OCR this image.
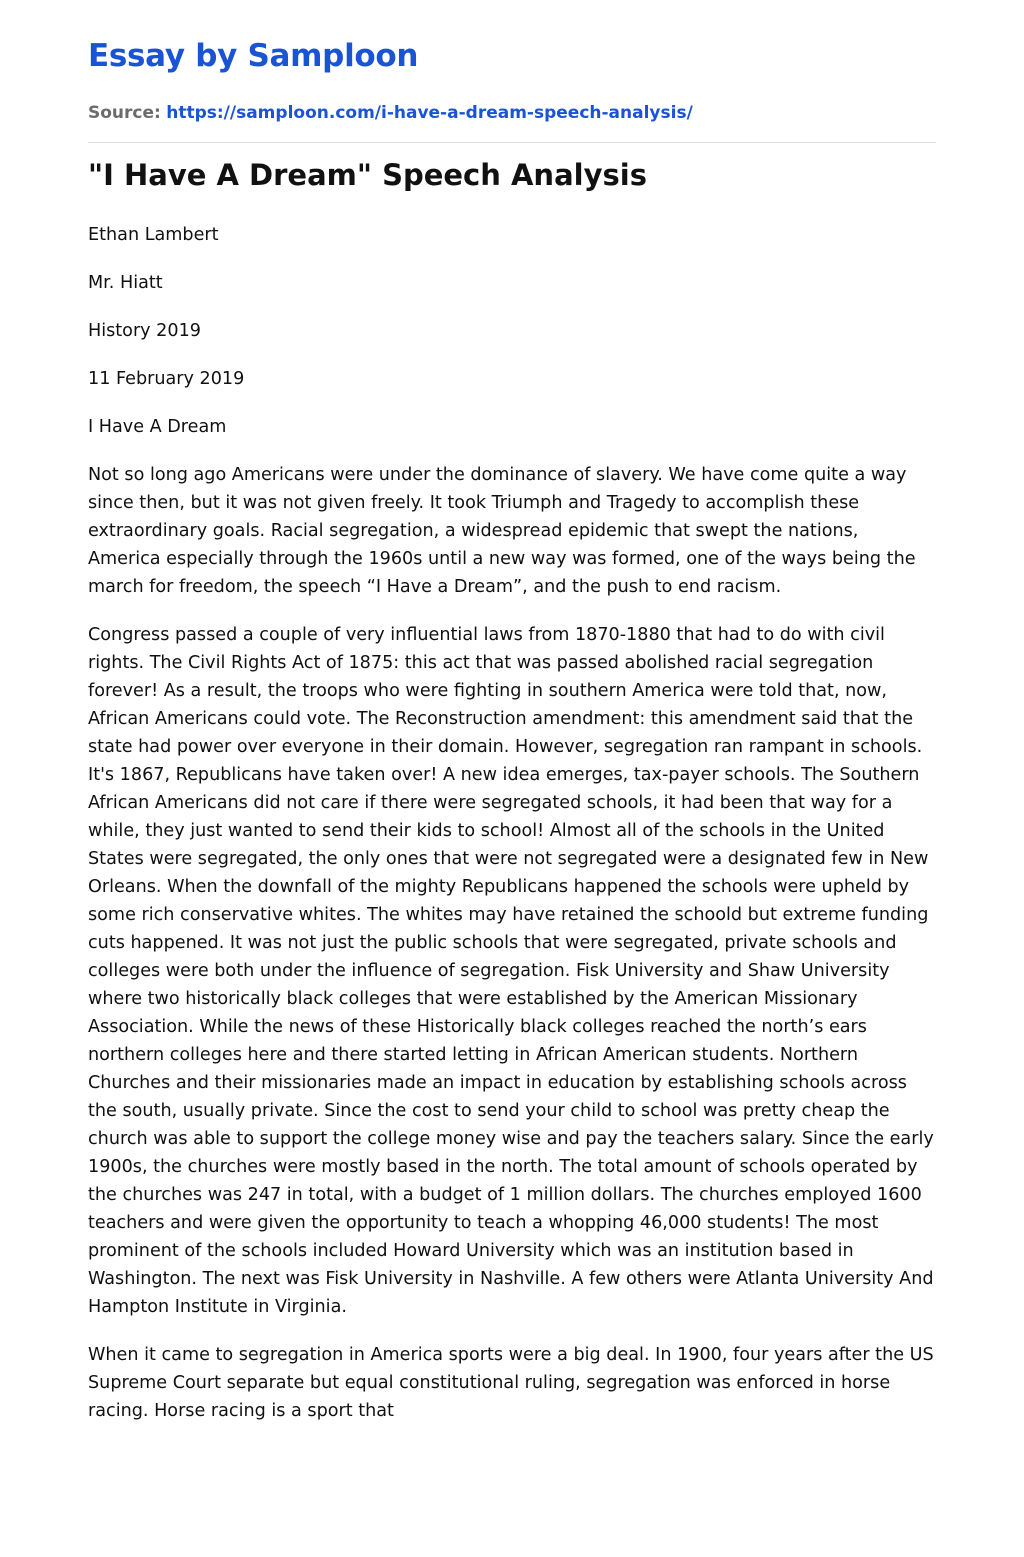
Essay by Samploon
Source: https://samploon.com/i-have-a-dream-speech-analysis/
"I Have A Dream" Speech Analysis

Ethan Lambert

Mr. Hiatt

History 2019

11 February 2019

I Have A Dream

Not so long ago Americans were under the dominance of slavery. We have come quite a way since then, but it was not given freely. It took Triumph and Tragedy to accomplish these extraordinary goals. Racial segregation, a widespread epidemic that swept the nations, America especially through the 1960s until a new way was formed, one of the ways being the march for freedom, the speech “I Have a Dream”, and the push to end racism.

Congress passed a couple of very influential laws from 1870-1880 that had to do with civil rights. The Civil Rights Act of 1875: this act that was passed abolished racial segregation forever! As a result, the troops who were fighting in southern America were told that, now, African Americans could vote. The Reconstruction amendment: this amendment said that the state had power over everyone in their domain. However, segregation ran rampant in schools. It's 1867, Republicans have taken over! A new idea emerges, tax-payer schools. The Southern African Americans did not care if there were segregated schools, it had been that way for a while, they just wanted to send their kids to school! Almost all of the schools in the United States were segregated, the only ones that were not segregated were a designated few in New Orleans. When the downfall of the mighty Republicans happened the schools were upheld by some rich conservative whites. The whites may have retained the schoold but extreme funding cuts happened. It was not just the public schools that were segregated, private schools and colleges were both under the influence of segregation. Fisk University and Shaw University where two historically black colleges that were established by the American Missionary Association. While the news of these Historically black colleges reached the north’s ears northern colleges here and there started letting in African American students. Northern Churches and their missionaries made an impact in education by establishing schools across the south, usually private. Since the cost to send your child to school was pretty cheap the church was able to support the college money wise and pay the teachers salary. Since the early 1900s, the churches were mostly based in the north. The total amount of schools operated by the churches was 247 in total, with a budget of 1 million dollars. The churches employed 1600 teachers and were given the opportunity to teach a whopping 46,000 students! The most prominent of the schools included Howard University which was an institution based in Washington. The next was Fisk University in Nashville. A few others were Atlanta University And Hampton Institute in Virginia.

When it came to segregation in America sports were a big deal. In 1900, four years after the US Supreme Court separate but equal constitutional ruling, segregation was enforced in horse racing. Horse racing is a sport that
